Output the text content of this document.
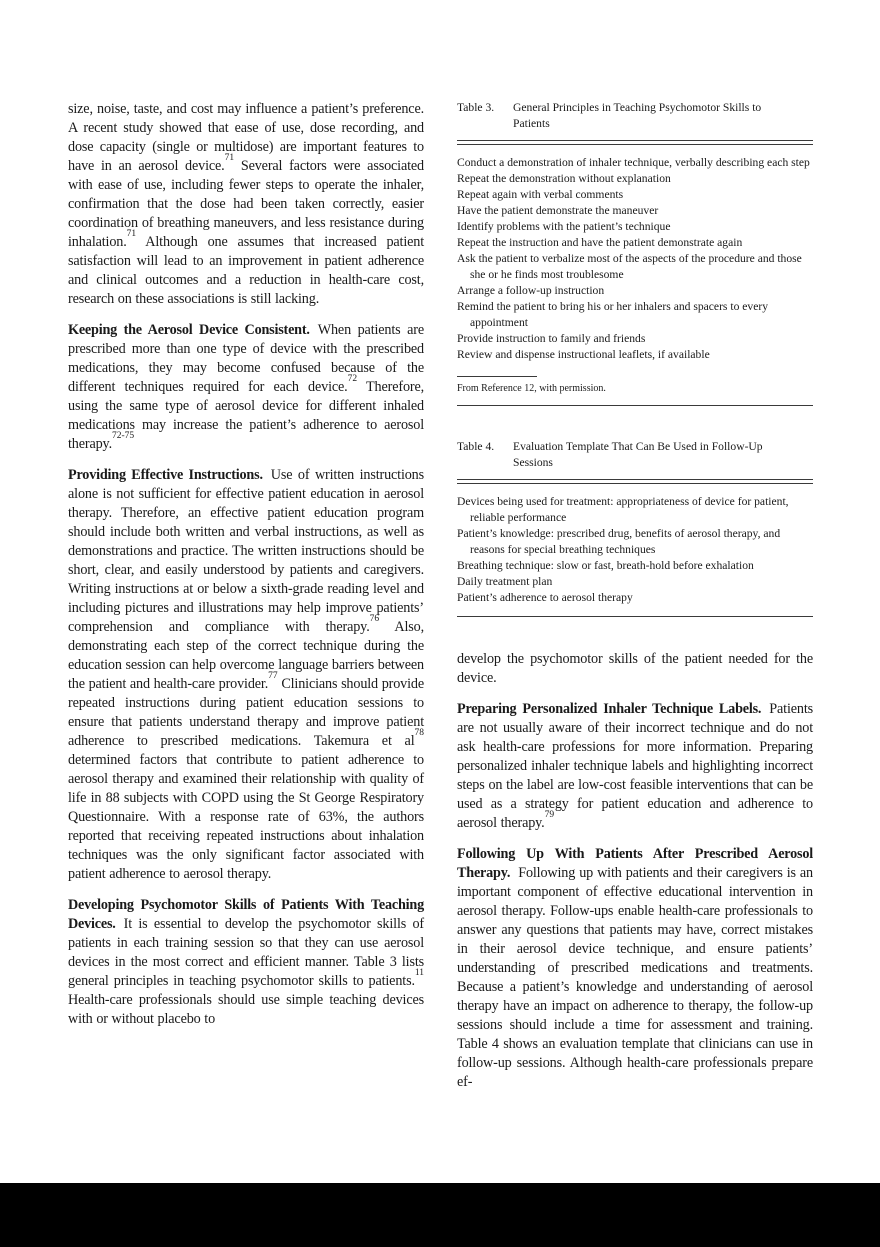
size, noise, taste, and cost may influence a patient’s preference. A recent study showed that ease of use, dose recording, and dose capacity (single or multidose) are important features to have in an aerosol device.$^{71}$ Several factors were associated with ease of use, including fewer steps to operate the inhaler, confirmation that the dose had been taken correctly, easier coordination of breathing maneuvers, and less resistance during inhalation.$^{71}$ Although one assumes that increased patient satisfaction will lead to an improvement in patient adherence and clinical outcomes and a reduction in health-care cost, research on these associations is still lacking.

Keeping the Aerosol Device Consistent. When patients are prescribed more than one type of device with the prescribed medications, they may become confused because of the different techniques required for each device.$^{72}$ Therefore, using the same type of aerosol device for different inhaled medications may increase the patient’s adherence to aerosol therapy.$^{72-75}$

Providing Effective Instructions. Use of written instructions alone is not sufficient for effective patient education in aerosol therapy. Therefore, an effective patient education program should include both written and verbal instructions, as well as demonstrations and practice. The written instructions should be short, clear, and easily understood by patients and caregivers. Writing instructions at or below a sixth-grade reading level and including pictures and illustrations may help improve patients’ comprehension and compliance with therapy.$^{76}$ Also, demonstrating each step of the correct technique during the education session can help overcome language barriers between the patient and health-care provider.$^{77}$ Clinicians should provide repeated instructions during patient education sessions to ensure that patients understand therapy and improve patient adherence to prescribed medications. Takemura et al$^{78}$ determined factors that contribute to patient adherence to aerosol therapy and examined their relationship with quality of life in 88 subjects with COPD using the St George Respiratory Questionnaire. With a response rate of 63%, the authors reported that receiving repeated instructions about inhalation techniques was the only significant factor associated with patient adherence to aerosol therapy.

Developing Psychomotor Skills of Patients With Teaching Devices. It is essential to develop the psychomotor skills of patients in each training session so that they can use aerosol devices in the most correct and efficient manner. Table 3 lists general principles in teaching psychomotor skills to patients.$^{11}$ Health-care professionals should use simple teaching devices with or without placebo to

Table 3.	General Principles in Teaching Psychomotor Skills to Patients
Conduct a demonstration of inhaler technique, verbally describing each step
Repeat the demonstration without explanation
Repeat again with verbal comments
Have the patient demonstrate the maneuver
Identify problems with the patient’s technique
Repeat the instruction and have the patient demonstrate again
Ask the patient to verbalize most of the aspects of the procedure and those she or he finds most troublesome
Arrange a follow-up instruction
Remind the patient to bring his or her inhalers and spacers to every appointment
Provide instruction to family and friends
Review and dispense instructional leaflets, if available
From Reference 12, with permission.
Table 4.	Evaluation Template That Can Be Used in Follow-Up Sessions
Devices being used for treatment: appropriateness of device for patient, reliable performance
Patient’s knowledge: prescribed drug, benefits of aerosol therapy, and reasons for special breathing techniques
Breathing technique: slow or fast, breath-hold before exhalation
Daily treatment plan
Patient’s adherence to aerosol therapy

develop the psychomotor skills of the patient needed for the device.

Preparing Personalized Inhaler Technique Labels. Patients are not usually aware of their incorrect technique and do not ask health-care professions for more information. Preparing personalized inhaler technique labels and highlighting incorrect steps on the label are low-cost feasible interventions that can be used as a strategy for patient education and adherence to aerosol therapy.$^{79}$

Following Up With Patients After Prescribed Aerosol Therapy. Following up with patients and their caregivers is an important component of effective educational intervention in aerosol therapy. Follow-ups enable health-care professionals to answer any questions that patients may have, correct mistakes in their aerosol device technique, and ensure patients’ understanding of prescribed medications and treatments. Because a patient’s knowledge and understanding of aerosol therapy have an impact on adherence to therapy, the follow-up sessions should include a time for assessment and training. Table 4 shows an evaluation template that clinicians can use in follow-up sessions. Although health-care professionals prepare ef-
